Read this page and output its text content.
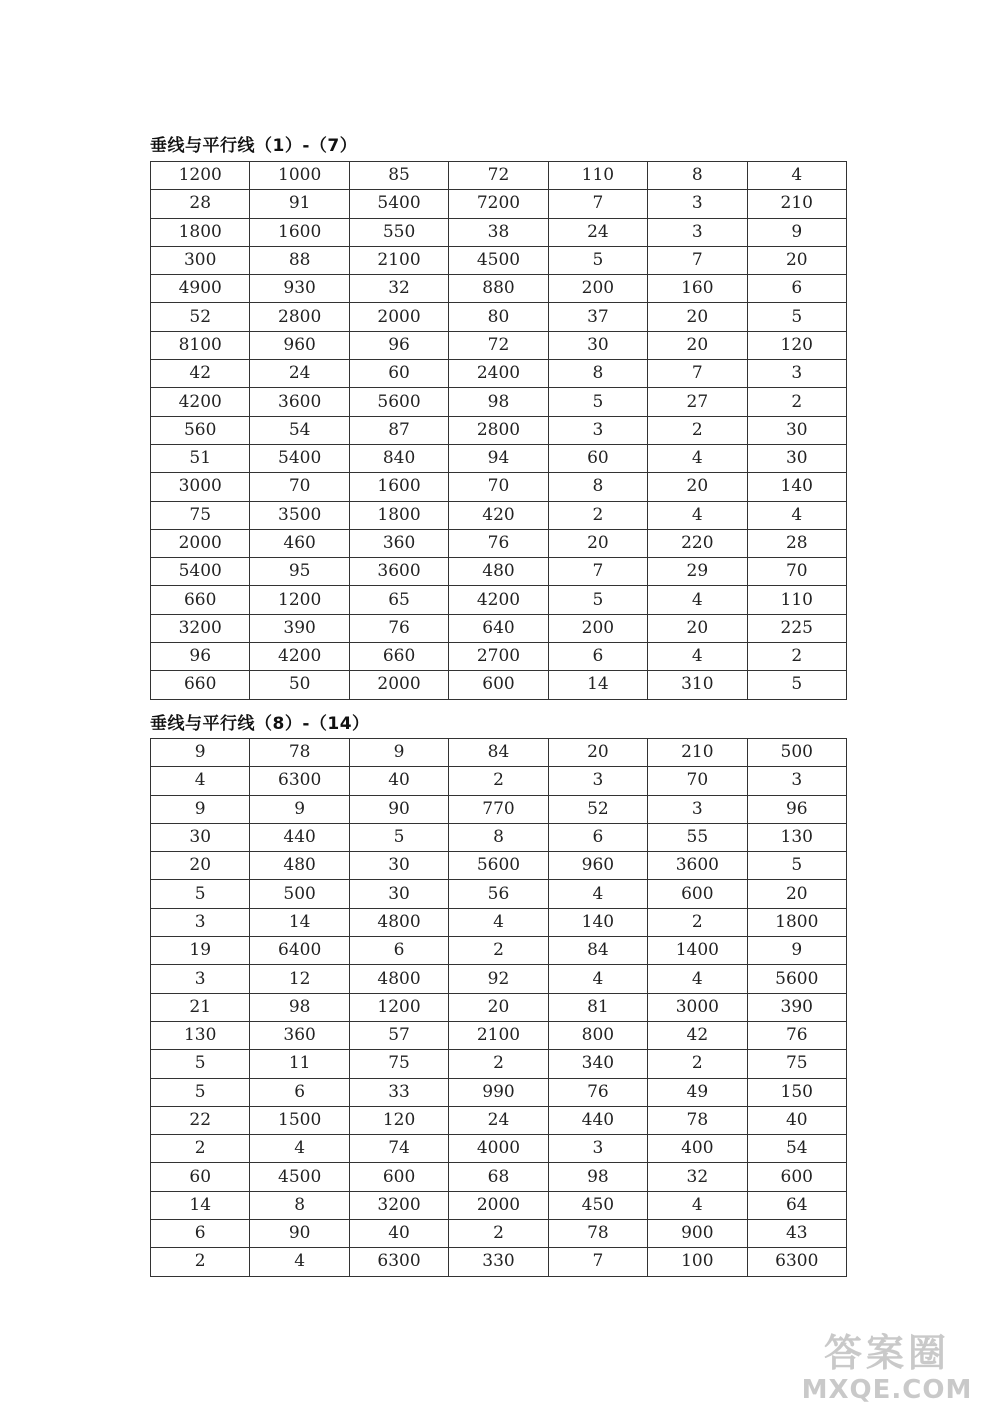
垂线与平行线（1）-（7）
1200	1000	85	72	110	8	4
28	91	5400	7200	7	3	210
1800	1600	550	38	24	3	9
300	88	2100	4500	5	7	20
4900	930	32	880	200	160	6
52	2800	2000	80	37	20	5
8100	960	96	72	30	20	120
42	24	60	2400	8	7	3
4200	3600	5600	98	5	27	2
560	54	87	2800	3	2	30
51	5400	840	94	60	4	30
3000	70	1600	70	8	20	140
75	3500	1800	420	2	4	4
2000	460	360	76	20	220	28
5400	95	3600	480	7	29	70
660	1200	65	4200	5	4	110
3200	390	76	640	200	20	225
96	4200	660	2700	6	4	2
660	50	2000	600	14	310	5
垂线与平行线（8）-（14）
9	78	9	84	20	210	500
4	6300	40	2	3	70	3
9	9	90	770	52	3	96
30	440	5	8	6	55	130
20	480	30	5600	960	3600	5
5	500	30	56	4	600	20
3	14	4800	4	140	2	1800
19	6400	6	2	84	1400	9
3	12	4800	92	4	4	5600
21	98	1200	20	81	3000	390
130	360	57	2100	800	42	76
5	11	75	2	340	2	75
5	6	33	990	76	49	150
22	1500	120	24	440	78	40
2	4	74	4000	3	400	54
60	4500	600	68	98	32	600
14	8	3200	2000	450	4	64
6	90	40	2	78	900	43
2	4	6300	330	7	100	6300
答案圈
MXQE.COM
